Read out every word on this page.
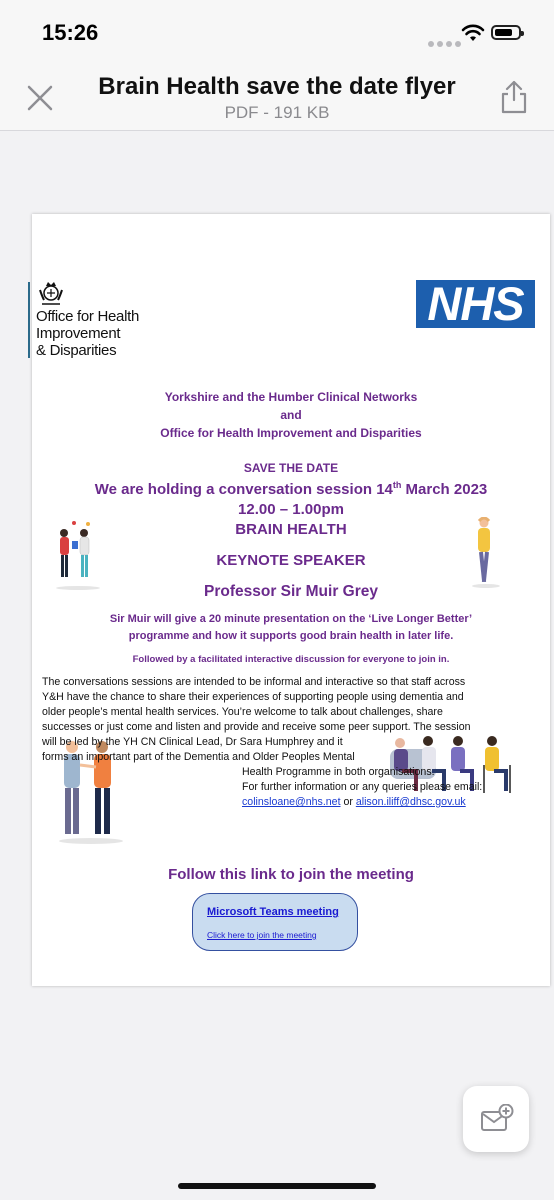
15:26
Brain Health save the date flyer
PDF - 191 KB
Office for Health
Improvement
& Disparities
NHS
Yorkshire and the Humber Clinical Networks
and
Office for Health Improvement and Disparities
SAVE THE DATE
We are holding a conversation session 14th March 2023
12.00 – 1.00pm
BRAIN HEALTH
KEYNOTE SPEAKER
Professor Sir Muir Grey
Sir Muir will give a 20 minute presentation on the ‘Live Longer Better’
programme and how it supports good brain health in later life.
Followed by a facilitated interactive discussion for everyone to join in.

The conversations sessions are intended to be informal and interactive so that staff across

Y&H have the chance to share their experiences of supporting people using dementia and

older people’s mental health services. You’re welcome to talk about challenges, share

successes or just come and listen and provide and receive some peer support. The session

will be led by the YH CN Clinical Lead, Dr Sara Humphrey and it

forms an important part of the Dementia and Older Peoples Mental

Health Programme in both organisations.

For further information or any queries please email:

colinsloane@nhs.net or alison.iliff@dhsc.gov.uk

Follow this link to join the meeting
Microsoft Teams meeting
Click here to join the meeting
